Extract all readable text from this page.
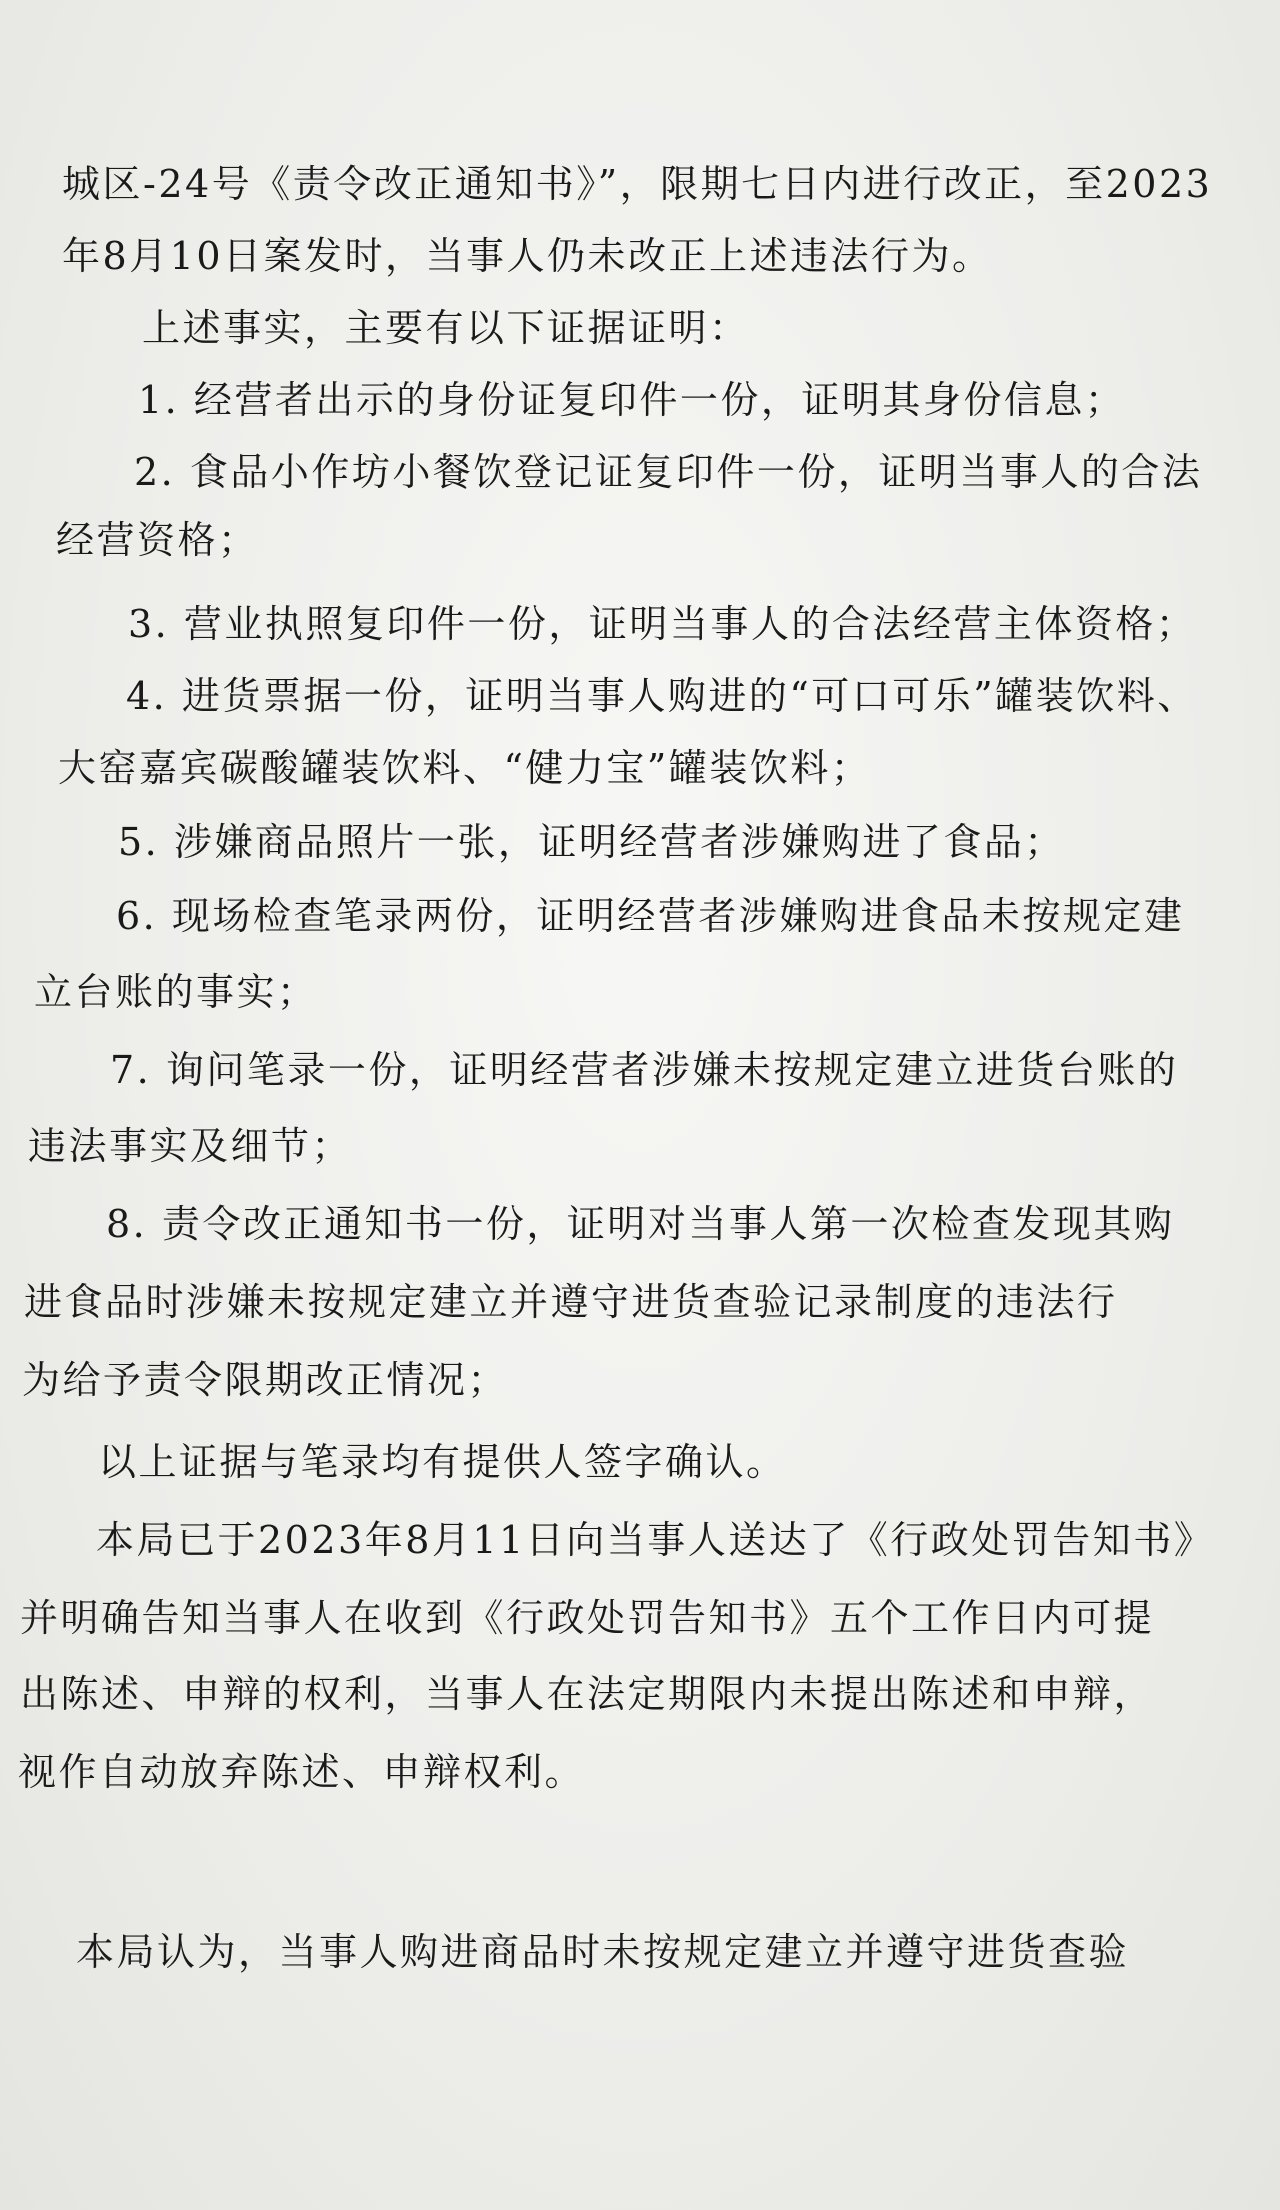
城区-24号《责令改正通知书》”，限期七日内进行改正，至2023
年8月10日案发时，当事人仍未改正上述违法行为。
上述事实，主要有以下证据证明：
1. 经营者出示的身份证复印件一份，证明其身份信息；
2. 食品小作坊小餐饮登记证复印件一份，证明当事人的合法
经营资格；
3. 营业执照复印件一份，证明当事人的合法经营主体资格；
4. 进货票据一份，证明当事人购进的“可口可乐”罐装饮料、
大窑嘉宾碳酸罐装饮料、“健力宝”罐装饮料；
5. 涉嫌商品照片一张，证明经营者涉嫌购进了食品；
6. 现场检查笔录两份，证明经营者涉嫌购进食品未按规定建
立台账的事实；
7. 询问笔录一份，证明经营者涉嫌未按规定建立进货台账的
违法事实及细节；
8. 责令改正通知书一份，证明对当事人第一次检查发现其购
进食品时涉嫌未按规定建立并遵守进货查验记录制度的违法行
为给予责令限期改正情况；
以上证据与笔录均有提供人签字确认。
本局已于2023年8月11日向当事人送达了《行政处罚告知书》
并明确告知当事人在收到《行政处罚告知书》五个工作日内可提
出陈述、申辩的权利，当事人在法定期限内未提出陈述和申辩，
视作自动放弃陈述、申辩权利。
本局认为，当事人购进商品时未按规定建立并遵守进货查验
